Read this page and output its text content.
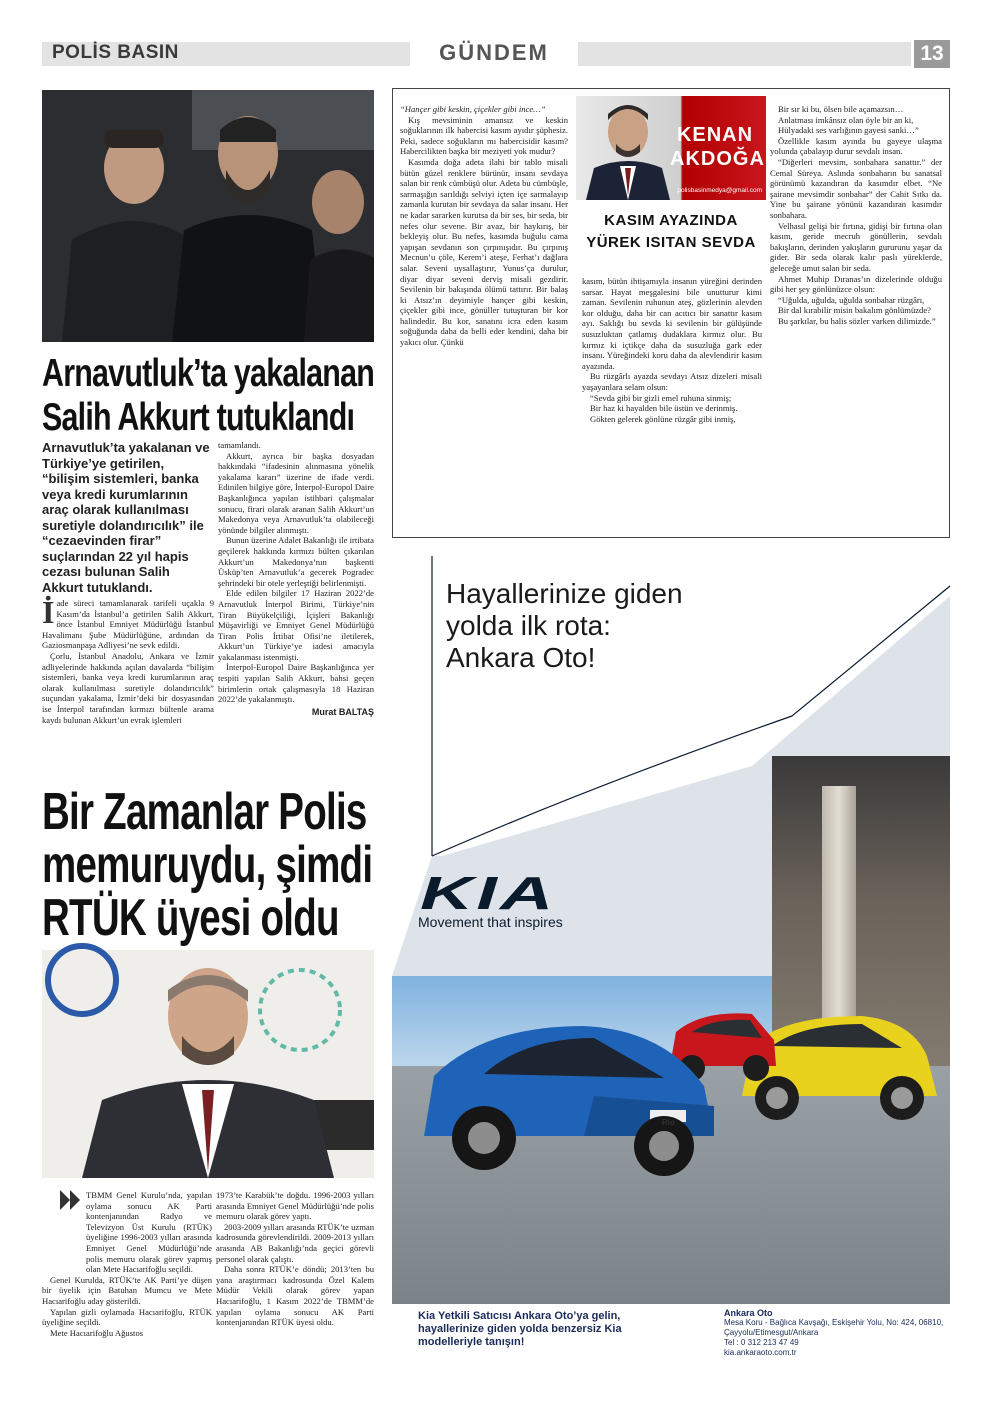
POLİS BASIN	GÜNDEM	13
Arnavutluk’ta yakalanan
Salih Akkurt tutuklandı
Arnavutluk’ta yakalanan ve Türkiye’ye getirilen, “bilişim sistemleri, banka veya kredi kurumlarının araç olarak kullanılması suretiyle dolandırıcılık” ile “cezaevinden firar” suçlarından 22 yıl hapis cezası bulunan Salih Akkurt tutuklandı.

İade süreci tamamlanarak tarifeli uçakla 9 Kasım’da İstanbul’a getirilen Salih Akkurt, önce İstanbul Emniyet Müdürlüğü İstanbul Havalimanı Şube Müdürlüğüne, ardından da Gaziosmanpaşa Adliyesi’ne sevk edildi.

Çorlu, İstanbul Anadolu, Ankara ve İzmir adliyelerinde hakkında açılan davalarda “bilişim sistemleri, banka veya kredi kurumlarının araç olarak kullanılması suretiyle dolandırıcılık” suçundan yakalama, İzmir’deki bir dosyasından ise İnterpol tarafından kırmızı bültenle arama kaydı bulunan Akkurt’un evrak işlemleri

tamamlandı.

Akkurt, ayrıca bir başka dosyadan hakkındaki “ifadesinin alınmasına yönelik yakalama kararı” üzerine de ifade verdi. Edinilen bilgiye göre, İnterpol-Europol Daire Başkanlığınca yapılan istihbari çalışmalar sonucu, firari olarak aranan Salih Akkurt’un Makedonya veya Arnavutluk’ta olabileceği yönünde bilgiler alınmıştı.

Bunun üzerine Adalet Bakanlığı ile irtibata geçilerek hakkında kırmızı bülten çıkarılan Akkurt’un Makedonya’nın başkenti Üsküp’ten Arnavutluk’a gecerek Pogradec şehrindeki bir otele yerleştiği belirlenmişti.

Elde edilen bilgiler 17 Haziran 2022’de Arnavutluk İnterpol Birimi, Türkiye’nin Tiran Büyükelçiliği, İçişleri Bakanlığı Müşavirliği ve Emniyet Genel Müdürlüğü Tiran Polis İrtibat Ofisi’ne iletilerek, Akkurt’un Türkiye’ye iadesi amacıyla yakalanması istenmişti.

İnterpol-Europol Daire Başkanlığınca yer tespiti yapılan Salih Akkurt, bahsi geçen birimlerin ortak çalışmasıyla 18 Haziran 2022’de yakalanmıştı.

Murat BALTAŞ
Bir Zamanlar Polis
memuruydu, şimdi
RTÜK üyesi oldu

TBMM Genel Kurulu’nda, yapılan oylama sonucu AK Parti kontenjanından Radyo ve Televizyon Üst Kurulu (RTÜK) üyeliğine 1996-2003 yılları arasında Emniyet Genel Müdürlüğü’nde polis memuru olarak görev yapmış olan Mete Hacıarifoğlu seçildi.

Genel Kurulda, RTÜK’te AK Parti’ye düşen bir üyelik için Batuhan Mumcu ve Mete Hacıarifoğlu aday gösterildi.

Yapılan gizli oylamada Hacıarifoğlu, RTÜK üyeliğine seçildi.

Mete Hacıarifoğlu Ağustos

1973’te Karabük’te doğdu. 1996-2003 yılları arasında Emniyet Genel Müdürlüğü’nde polis memuru olarak görev yaptı.

2003-2009 yılları arasında RTÜK’te uzman kadrosunda görevlendirildi. 2009-2013 yılları arasında AB Bakanlığı’nda geçici görevli personel olarak çalıştı.

Daha sonra RTÜK’e döndü; 2013’ten bu yana araştırmacı kadrosunda Özel Kalem Müdür Vekili olarak görev yapan Hacıarifoğlu, 1 Kasım 2022’de TBMM’de yapılan oylama sonucu AK Parti kontenjanından RTÜK üyesi oldu.

KENAN
AKDOĞAN
polisbasinmedya@gmail.com
KASIM AYAZINDA
YÜREK ISITAN SEVDA

“Hançer gibi keskin, çiçekler gibi ince…”

Kış mevsiminin amansız ve keskin soğuklarının ilk habercisi kasım ayıdır şüphesiz. Peki, sadece soğukların mı habercisidir kasım? Habercilikten başka bir meziyeti yok mudur?

Kasımda doğa adeta ilahi bir tablo misali bütün güzel renklere bürünür, insanı sevdaya salan bir renk cümbüşü olur. Adeta bu cümbüşle, sarmaşığın sarıldığı selviyi içten içe sarmalayıp zamanla kurutan bir sevdaya da salar insanı. Her ne kadar sararken kurutsa da bir ses, bir seda, bir nefes olur sevene. Bir avaz, bir haykırış, bir bekleyiş olur. Bu nefes, kasımda buğulu cama yapışan sevdanın son çırpınışıdır. Bu çırpınış Mecnun’u çöle, Kerem’i ateşe, Ferhat’ı dağlara salar. Seveni uysallaştırır, Yunus’ça durulur, diyar diyar seveni derviş misali gezdirir. Sevilenin bir bakışında ölümü tattırır. Bir balaş ki Atsız’ın deyimiyle hançer gibi keskin, çiçekler gibi ince, gönüller tutuşturan bir kor halindedir. Bu kor, sanatını icra eden kasım soğuğunda daha da belli eder kendini, daha bir yakıcı olur. Çünkü

kasım, bütün ihtişamıyla insanın yüreğini derinden sarsar. Hayat meşgalesini bile unutturur kimi zaman. Sevilenin ruhunun ateş, gözlerinin alevden kor olduğu, daha bir can acıtıcı bir sanattır kasım ayı. Saklığı bu sevda ki sevilenin bir gülüşünde susuzluktan çatlamış dudaklara kırmız olur. Bu kırmız ki içtikçe daha da susuzluğa gark eder insanı. Yüreğindeki koru daha da alevlendirir kasım ayazında.

Bu rüzgârlı ayazda sevdayı Atsız dizeleri misali yaşayanlara selam olsun:

“Sevda gibi bir gizli emel ruhuna sinmiş;

Bir haz ki hayalden bile üstün ve derinmiş.

Gökten gelerek gönlüne rüzgâr gibi inmiş,

Bir sır ki bu, ölsen bile açamazsın…

Anlatması imkânsız olan öyle bir an ki,

Hülyadaki ses varlığının gayesi sanki…”

Özellikle kasım ayında bu gayeye ulaşma yolunda çabalayıp durur sevdalı insan.

“Diğerleri mevsim, sonbahara sanattır.” der Cemal Süreya. Aslında sonbaharın bu sanatsal görünümü kazandıran da kasımdır elbet. “Ne şairane mevsimdir sonbahar” der Cahit Sıtkı da. Yine bu şairane yönünü kazandıran kasımdır sonbahara.

Velhasıl gelişi bir fırtına, gidişi bir fırtına olan kasım, geride mecruh gönüllerin, sevdalı bakışların, derinden yakışların gururunu yaşar da gider. Bir seda olarak kalır paslı yüreklerde, geleceğe umut salan bir seda.

Ahmet Muhip Dıranas’ın dizelerinde olduğu gibi her şey gönlünüzce olsun:

“Uğulda, uğulda, uğulda sonbahar rüzgârı,

Bir dal kırabilir misin bakalım gönlümüzde?

Bu şarkılar, bu halis sözler varken dilimizde.”

Hayallerinize giden
yolda ilk rota:
Ankara Oto!
KIA
Movement that inspires
Rio
Kia Yetkili Satıcısı Ankara Oto’ya gelin, hayallerinize giden yolda benzersiz Kia modelleriyle tanışın!
Ankara Oto
Mesa Koru - Bağlıca Kavşağı, Eskişehir Yolu, No: 424, 06810, Çayyolu/Etimesgut/Ankara
Tel : 0 312 213 47 49
kia.ankaraoto.com.tr
